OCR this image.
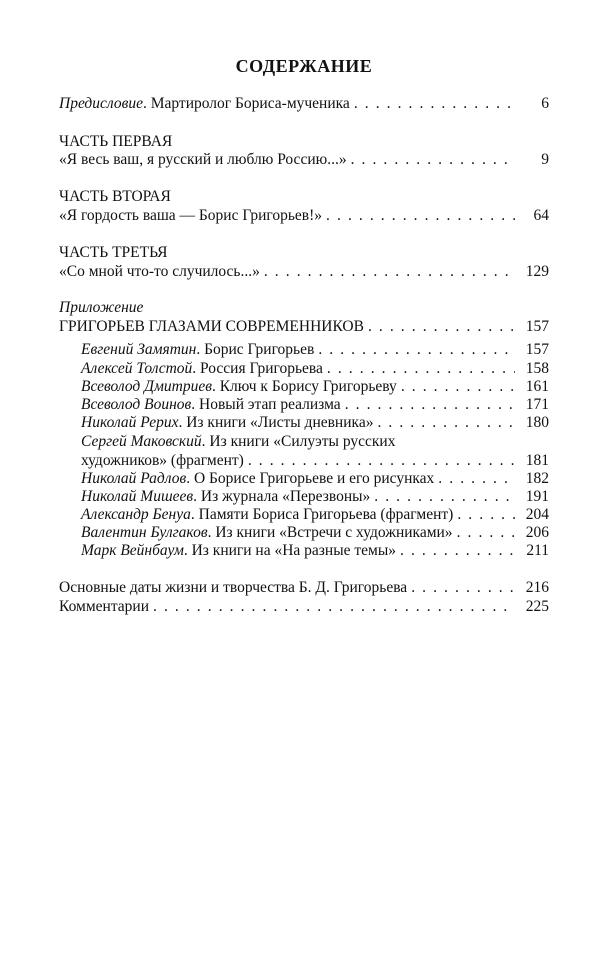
СОДЕРЖАНИЕ
Предисловие. Мартиролог Бориса-мученика . . .	6
ЧАСТЬ ПЕРВАЯ
«Я весь ваш, я русский и люблю Россию...» . . .	9
ЧАСТЬ ВТОРАЯ
«Я гордость ваша — Борис Григорьев!» . . .	64
ЧАСТЬ ТРЕТЬЯ
«Со мной что-то случилось...» . . .	129
Приложение
ГРИГОРЬЕВ ГЛАЗАМИ СОВРЕМЕННИКОВ . . .	157
Евгений Замятин. Борис Григорьев . . .	157
Алексей Толстой. Россия Григорьева . . .	158
Всеволод Дмитриев. Ключ к Борису Григорьеву . . .	161
Всеволод Воинов. Новый этап реализма . . .	171
Николай Рерих. Из книги «Листы дневника» . . .	180
Сергей Маковский. Из книги «Силуэты русских
художников» (фрагмент) . . .	181
Николай Радлов. О Борисе Григорьеве и его рисунках . . .	182
Николай Мишеев. Из журнала «Перезвоны» . . .	191
Александр Бенуа. Памяти Бориса Григорьева (фрагмент) . . .	204
Валентин Булгаков. Из книги «Встречи с художниками» . . .	206
Марк Вейнбаум. Из книги на «На разные темы» . . .	211
Основные даты жизни и творчества Б. Д. Григорьева . . .	216
Комментарии . . .	225
